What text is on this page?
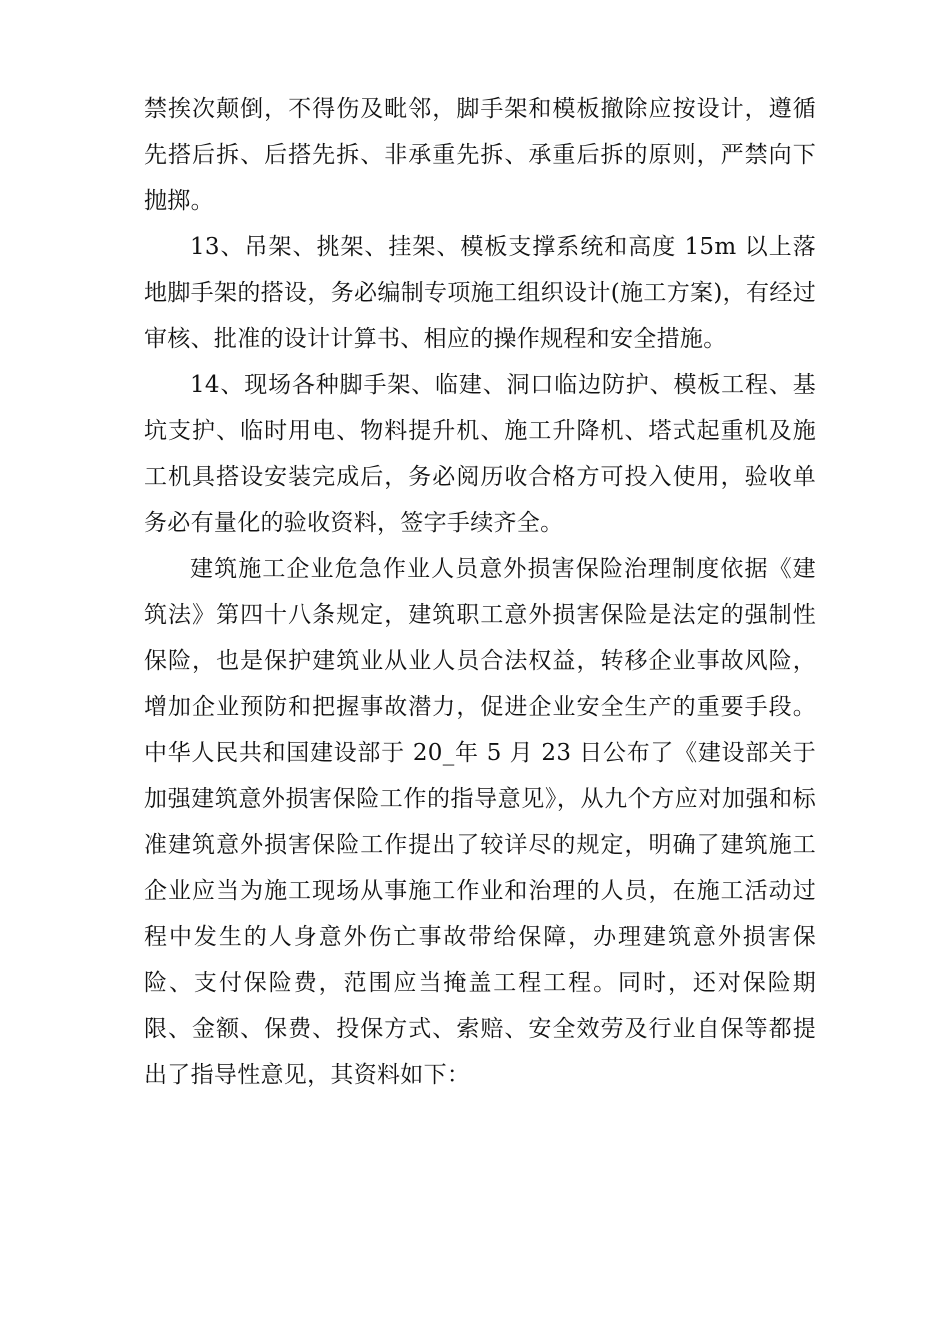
禁挨次颠倒，不得伤及毗邻，脚手架和模板撤除应按设计，遵循先搭后拆、后搭先拆、非承重先拆、承重后拆的原则，严禁向下抛掷。

13、吊架、挑架、挂架、模板支撑系统和高度 15m 以上落地脚手架的搭设，务必编制专项施工组织设计(施工方案)，有经过审核、批准的设计计算书、相应的操作规程和安全措施。

14、现场各种脚手架、临建、洞口临边防护、模板工程、基坑支护、临时用电、物料提升机、施工升降机、塔式起重机及施工机具搭设安装完成后，务必阅历收合格方可投入使用，验收单务必有量化的验收资料，签字手续齐全。

建筑施工企业危急作业人员意外损害保险治理制度依据《建筑法》第四十八条规定，建筑职工意外损害保险是法定的强制性保险，也是保护建筑业从业人员合法权益，转移企业事故风险，增加企业预防和把握事故潜力，促进企业安全生产的重要手段。中华人民共和国建设部于 20_年 5 月 23 日公布了《建设部关于加强建筑意外损害保险工作的指导意见》，从九个方应对加强和标准建筑意外损害保险工作提出了较详尽的规定，明确了建筑施工企业应当为施工现场从事施工作业和治理的人员，在施工活动过程中发生的人身意外伤亡事故带给保障，办理建筑意外损害保险、支付保险费，范围应当掩盖工程工程。同时，还对保险期限、金额、保费、投保方式、索赔、安全效劳及行业自保等都提出了指导性意见，其资料如下：
